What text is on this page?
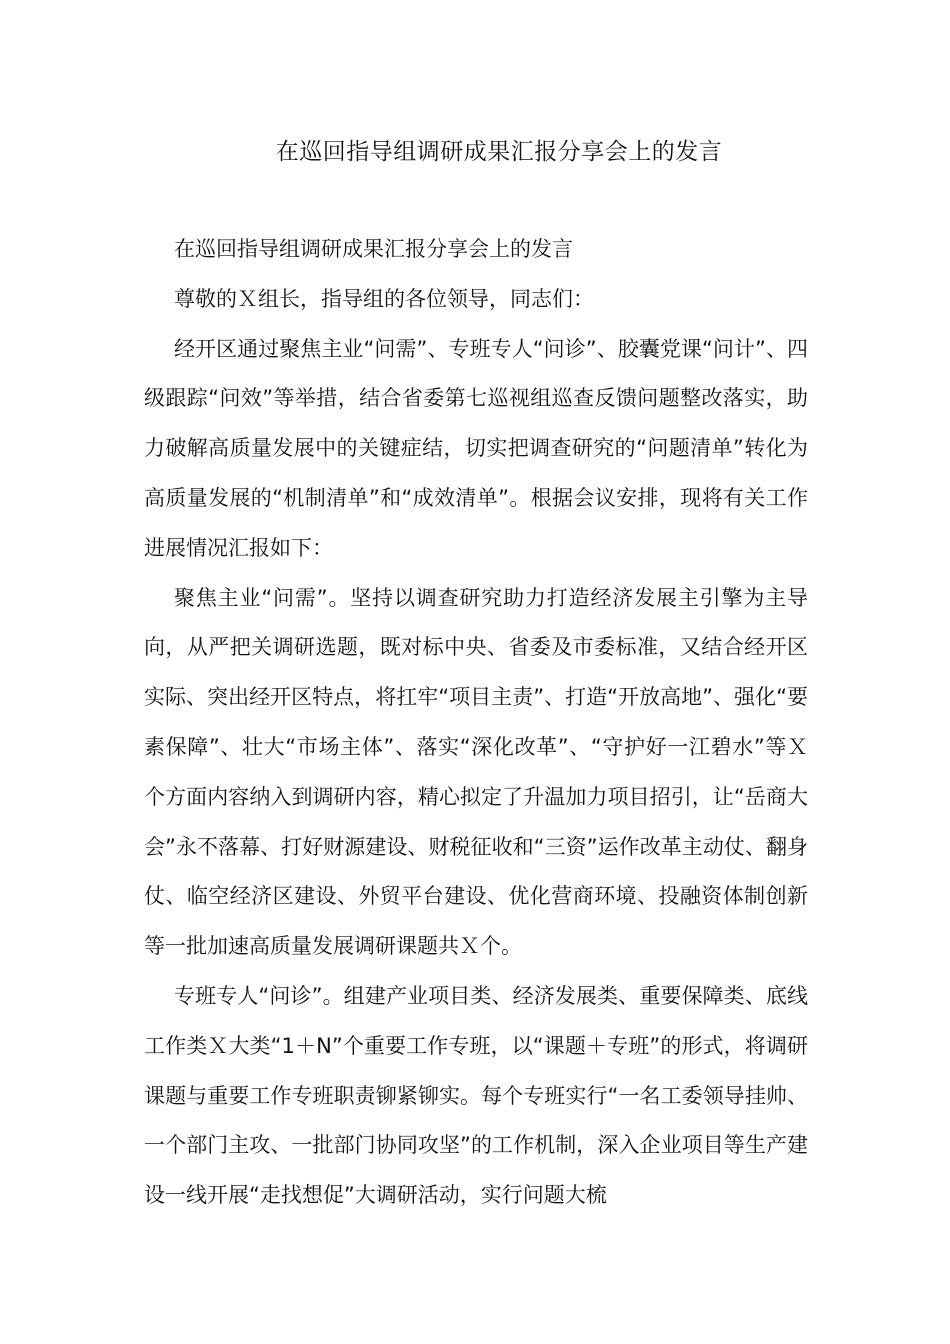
在巡回指导组调研成果汇报分享会上的发言

在巡回指导组调研成果汇报分享会上的发言

尊敬的Ｘ组长，指导组的各位领导，同志们：

经开区通过聚焦主业“问需”、专班专人“问诊”、胶囊党课“问计”、四级跟踪“问效”等举措，结合省委第七巡视组巡查反馈问题整改落实，助力破解高质量发展中的关键症结，切实把调查研究的“问题清单”转化为高质量发展的“机制清单”和“成效清单”。根据会议安排，现将有关工作进展情况汇报如下：

聚焦主业“问需”。坚持以调查研究助力打造经济发展主引擎为主导向，从严把关调研选题，既对标中央、省委及市委标准，又结合经开区实际、突出经开区特点，将扛牢“项目主责”、打造“开放高地”、强化“要素保障”、壮大“市场主体”、落实“深化改革”、“守护好一江碧水”等Ｘ个方面内容纳入到调研内容，精心拟定了升温加力项目招引，让“岳商大会”永不落幕、打好财源建设、财税征收和“三资”运作改革主动仗、翻身仗、临空经济区建设、外贸平台建设、优化营商环境、投融资体制创新等一批加速高质量发展调研课题共Ｘ个。

专班专人“问诊”。组建产业项目类、经济发展类、重要保障类、底线工作类Ｘ大类“1＋N”个重要工作专班，以“课题＋专班”的形式，将调研课题与重要工作专班职责铆紧铆实。每个专班实行“一名工委领导挂帅、一个部门主攻、一批部门协同攻坚”的工作机制，深入企业项目等生产建设一线开展“走找想促”大调研活动，实行问题大梳
